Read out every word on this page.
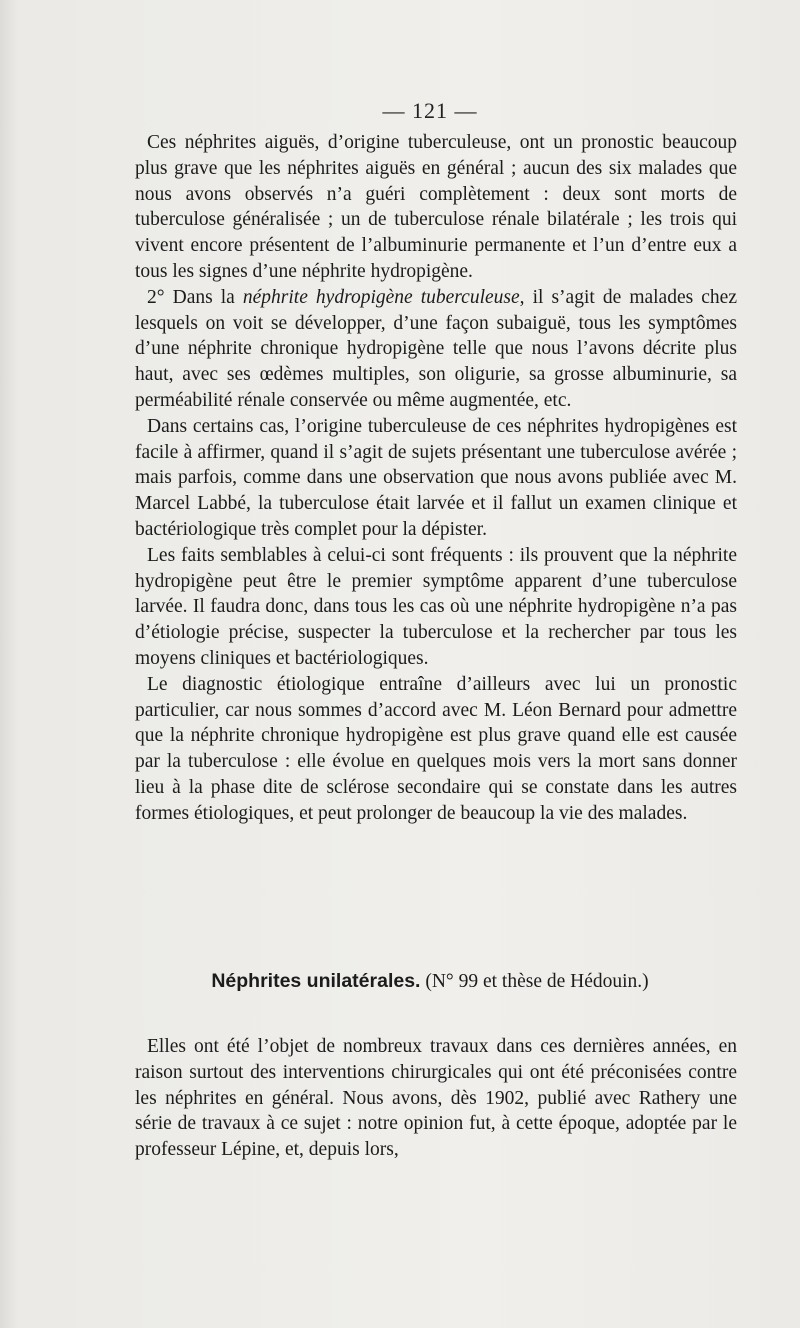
— 121 —

Ces néphrites aiguës, d’origine tuberculeuse, ont un pronostic beaucoup plus grave que les néphrites aiguës en général ; aucun des six malades que nous avons observés n’a guéri complètement : deux sont morts de tuberculose généralisée ; un de tuberculose rénale bilatérale ; les trois qui vivent encore présentent de l’albuminurie permanente et l’un d’entre eux a tous les signes d’une néphrite hydropigène.

2° Dans la néphrite hydropigène tuberculeuse, il s’agit de malades chez lesquels on voit se développer, d’une façon subaiguë, tous les symptômes d’une néphrite chronique hydropigène telle que nous l’avons décrite plus haut, avec ses œdèmes multiples, son oligurie, sa grosse albuminurie, sa perméabilité rénale conservée ou même augmentée, etc.

Dans certains cas, l’origine tuberculeuse de ces néphrites hydropigènes est facile à affirmer, quand il s’agit de sujets présentant une tuberculose avérée ; mais parfois, comme dans une observation que nous avons publiée avec M. Marcel Labbé, la tuberculose était larvée et il fallut un examen clinique et bactériologique très complet pour la dépister.

Les faits semblables à celui-ci sont fréquents : ils prouvent que la néphrite hydropigène peut être le premier symptôme apparent d’une tuberculose larvée. Il faudra donc, dans tous les cas où une néphrite hydropigène n’a pas d’étiologie précise, suspecter la tuberculose et la rechercher par tous les moyens cliniques et bactériologiques.

Le diagnostic étiologique entraîne d’ailleurs avec lui un pronostic particulier, car nous sommes d’accord avec M. Léon Bernard pour admettre que la néphrite chronique hydropigène est plus grave quand elle est causée par la tuberculose : elle évolue en quelques mois vers la mort sans donner lieu à la phase dite de sclérose secondaire qui se constate dans les autres formes étiologiques, et peut prolonger de beaucoup la vie des malades.

Néphrites unilatérales. (N° 99 et thèse de Hédouin.)

Elles ont été l’objet de nombreux travaux dans ces dernières années, en raison surtout des interventions chirurgicales qui ont été préconisées contre les néphrites en général. Nous avons, dès 1902, publié avec Rathery une série de travaux à ce sujet : notre opinion fut, à cette époque, adoptée par le professeur Lépine, et, depuis lors,
